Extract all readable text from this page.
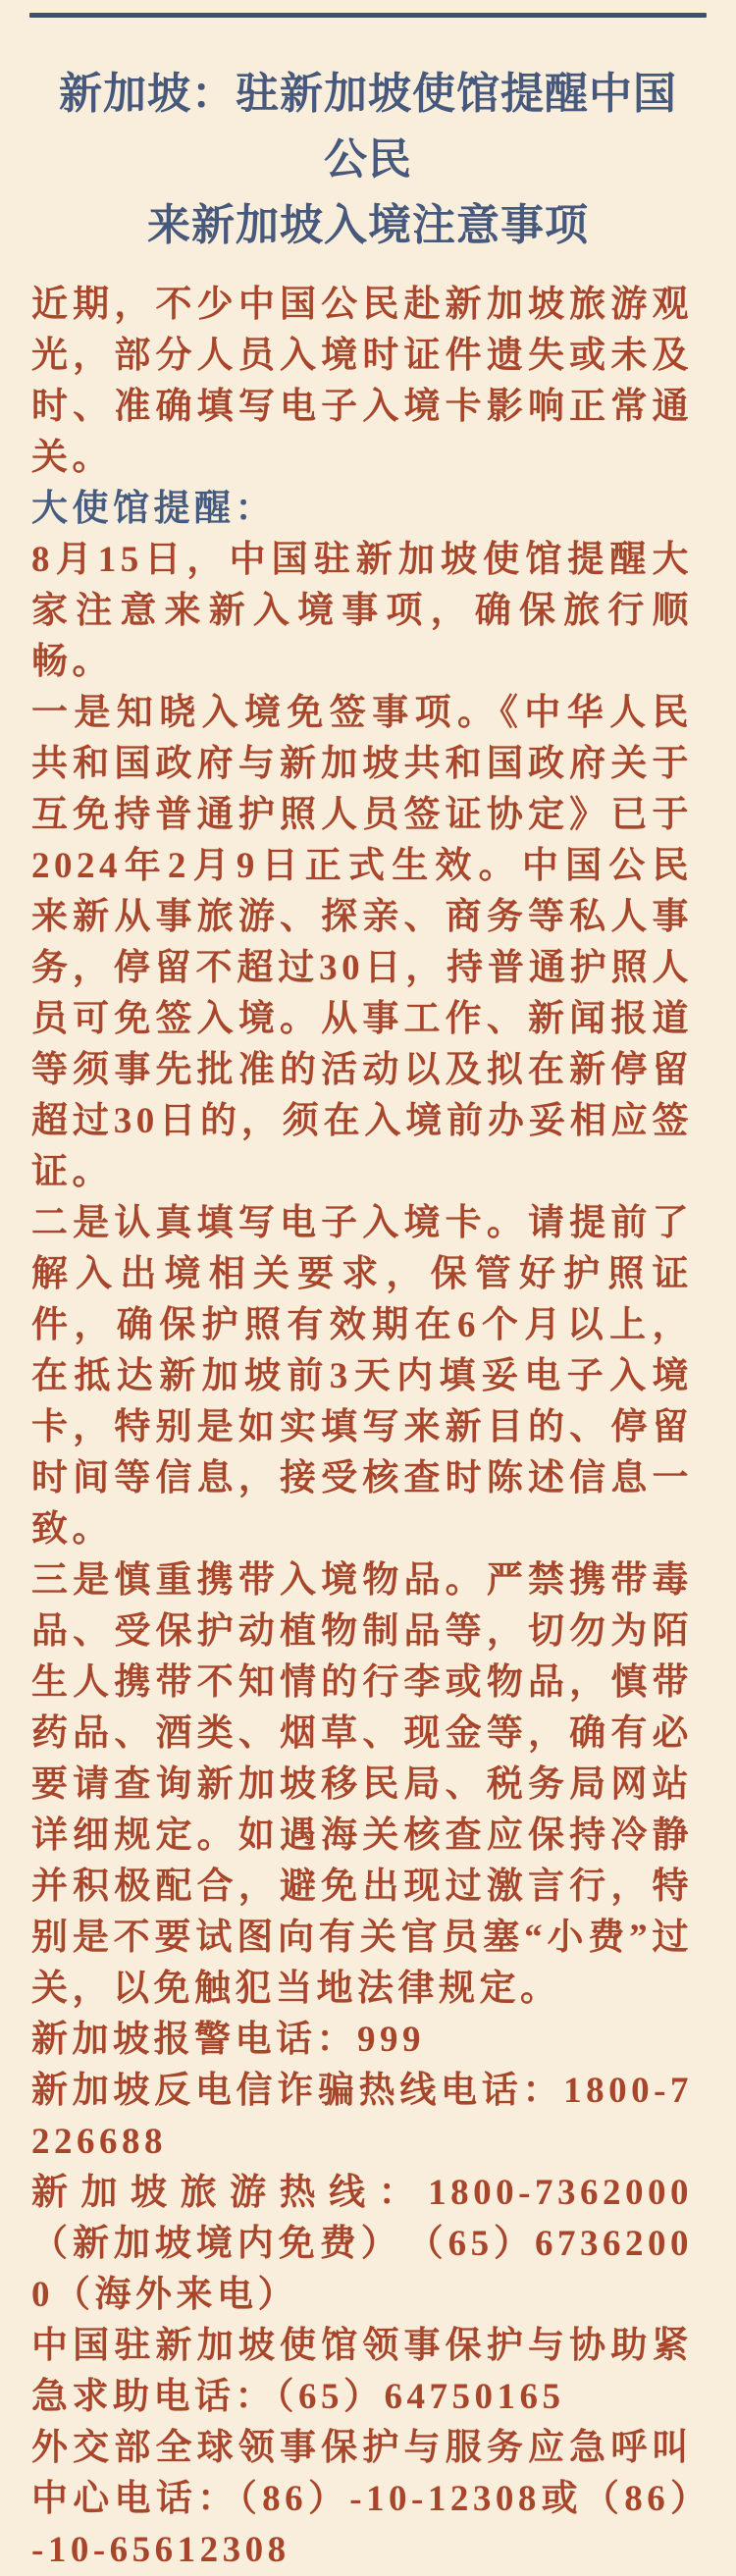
新加坡：驻新加坡使馆提醒中国公民
来新加坡入境注意事项

近期，不少中国公民赴新加坡旅游观光，部分人员入境时证件遗失或未及时、准确填写电子入境卡影响正常通关。

大使馆提醒：

8月15日，中国驻新加坡使馆提醒大家注意来新入境事项，确保旅行顺畅。

一是知晓入境免签事项。《中华人民共和国政府与新加坡共和国政府关于互免持普通护照人员签证协定》已于2024年2月9日正式生效。中国公民来新从事旅游、探亲、商务等私人事务，停留不超过30日，持普通护照人员可免签入境。从事工作、新闻报道等须事先批准的活动以及拟在新停留超过30日的，须在入境前办妥相应签证。

二是认真填写电子入境卡。请提前了解入出境相关要求，保管好护照证件，确保护照有效期在6个月以上，在抵达新加坡前3天内填妥电子入境卡，特别是如实填写来新目的、停留时间等信息，接受核查时陈述信息一致。

三是慎重携带入境物品。严禁携带毒品、受保护动植物制品等，切勿为陌生人携带不知情的行李或物品，慎带药品、酒类、烟草、现金等，确有必要请查询新加坡移民局、税务局网站详细规定。如遇海关核查应保持冷静并积极配合，避免出现过激言行，特别是不要试图向有关官员塞“小费”过关，以免触犯当地法律规定。

新加坡报警电话：999

新加坡反电信诈骗热线电话：1800-7226688

新加坡旅游热线：1800-7362000（新加坡境内免费）　（65）67362000（海外来电）

中国驻新加坡使馆领事保护与协助紧急求助电话：（65）64750165

外交部全球领事保护与服务应急呼叫中心电话：（86）-10-12308或（86）-10-65612308
